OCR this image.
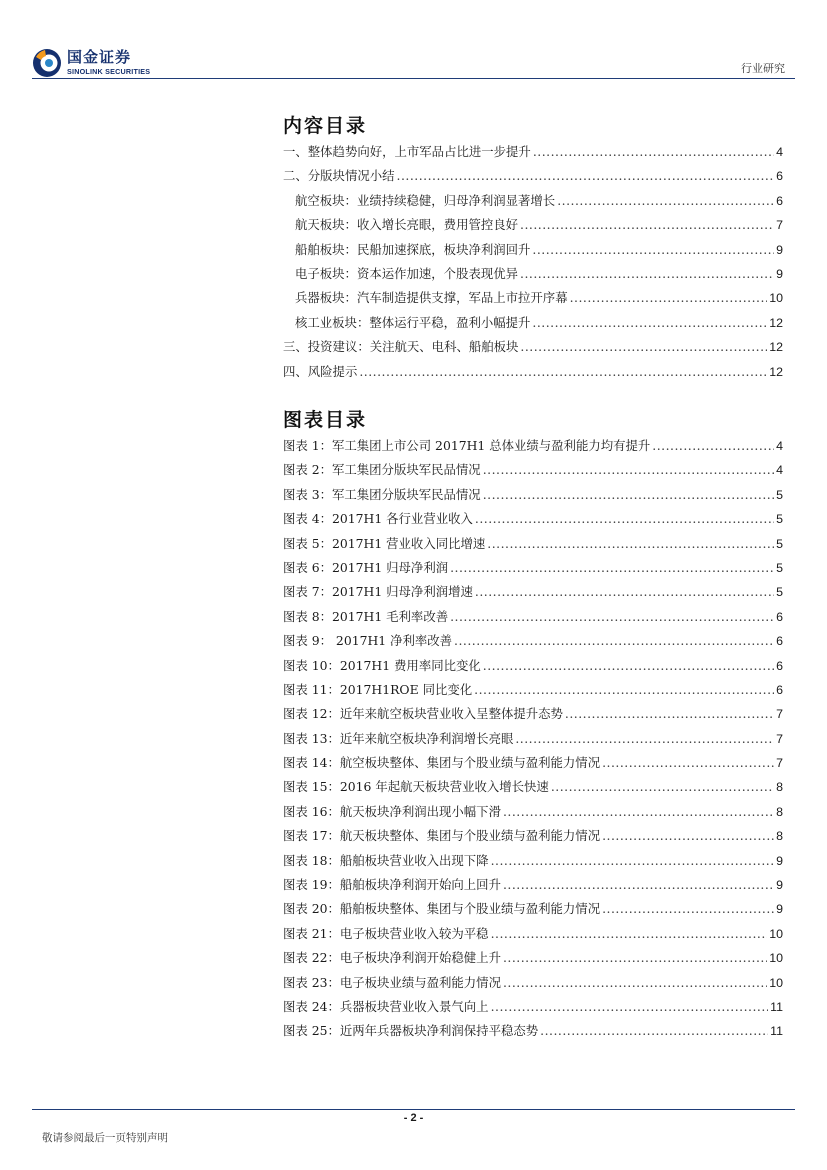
国金证券
SINOLINK SECURITIES	行业研究
内容目录
一、整体趋势向好，上市军品占比进一步提升 .....	4
二、分版块情况小结 .....	6
航空板块：业绩持续稳健，归母净利润显著增长 .....	6
航天板块：收入增长亮眼，费用管控良好 .....	7
船舶板块：民船加速探底，板块净利润回升 .....	9
电子板块：资本运作加速，个股表现优异 .....	9
兵器板块：汽车制造提供支撑，军品上市拉开序幕 .....	10
核工业板块：整体运行平稳，盈利小幅提升 .....	12
三、投资建议：关注航天、电科、船舶板块 .....	12
四、风险提示 .....	12
图表目录
图表 1：军工集团上市公司 2017H1 总体业绩与盈利能力均有提升 .....	4
图表 2：军工集团分版块军民品情况 .....	4
图表 3：军工集团分版块军民品情况 .....	5
图表 4：2017H1 各行业营业收入 .....	5
图表 5：2017H1 营业收入同比增速 .....	5
图表 6：2017H1 归母净利润 .....	5
图表 7：2017H1 归母净利润增速 .....	5
图表 8：2017H1 毛利率改善 .....	6
图表 9： 2017H1 净利率改善 .....	6
图表 10：2017H1 费用率同比变化 .....	6
图表 11：2017H1ROE 同比变化 .....	6
图表 12：近年来航空板块营业收入呈整体提升态势 .....	7
图表 13：近年来航空板块净利润增长亮眼 .....	7
图表 14：航空板块整体、集团与个股业绩与盈利能力情况 .....	7
图表 15：2016 年起航天板块营业收入增长快速 .....	8
图表 16：航天板块净利润出现小幅下滑 .....	8
图表 17：航天板块整体、集团与个股业绩与盈利能力情况 .....	8
图表 18：船舶板块营业收入出现下降 .....	9
图表 19：船舶板块净利润开始向上回升 .....	9
图表 20：船舶板块整体、集团与个股业绩与盈利能力情况 .....	9
图表 21：电子板块营业收入较为平稳 .....	10
图表 22：电子板块净利润开始稳健上升 .....	10
图表 23：电子板块业绩与盈利能力情况 .....	10
图表 24：兵器板块营业收入景气向上 .....	11
图表 25：近两年兵器板块净利润保持平稳态势 .....	11
- 2 -
敬请参阅最后一页特别声明
